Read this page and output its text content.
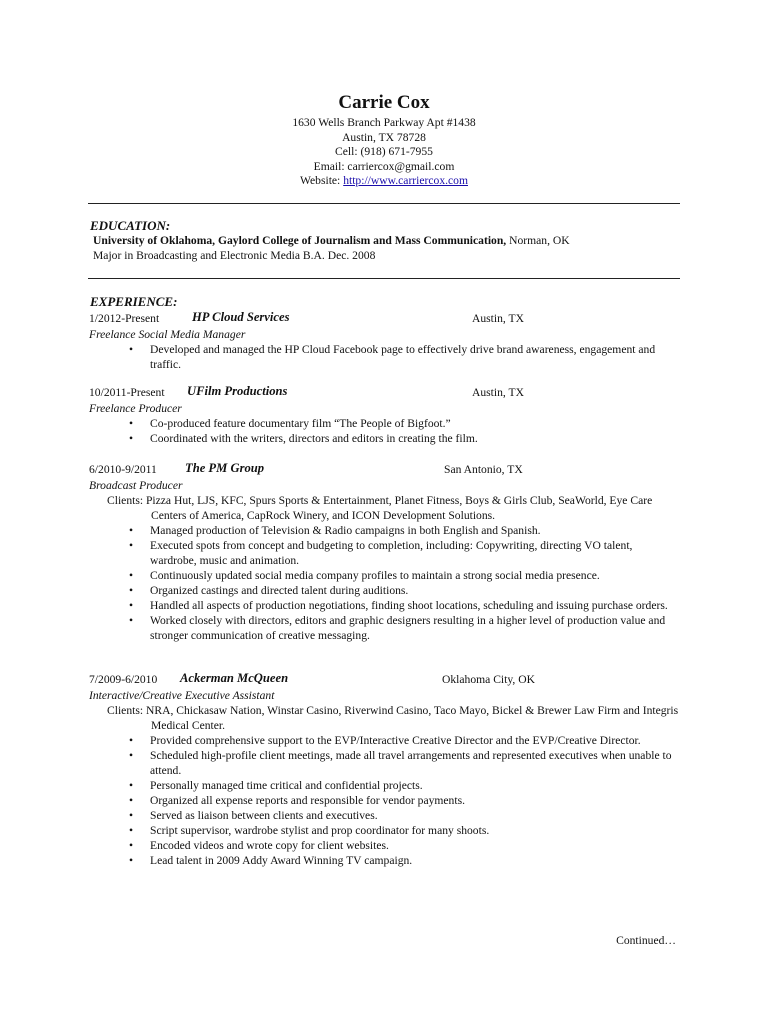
Carrie Cox
1630 Wells Branch Parkway Apt #1438
Austin, TX 78728
Cell: (918) 671-7955
Email: carriercox@gmail.com
Website: http://www.carriercox.com
EDUCATION:
University of Oklahoma, Gaylord College of Journalism and Mass Communication, Norman, OK
Major in Broadcasting and Electronic Media B.A. Dec. 2008
EXPERIENCE:
1/2012-Present	HP Cloud Services	Austin, TX
Freelance Social Media Manager
• Developed and managed the HP Cloud Facebook page to effectively drive brand awareness, engagement and traffic.
10/2011-Present UFilm Productions	Austin, TX
Freelance Producer
• Co-produced feature documentary film “The People of Bigfoot.”
• Coordinated with the writers, directors and editors in creating the film.
6/2010-9/2011 The PM Group	San Antonio, TX
Broadcast Producer
Clients: Pizza Hut, LJS, KFC, Spurs Sports & Entertainment, Planet Fitness, Boys & Girls Club, SeaWorld, Eye Care Centers of America, CapRock Winery, and ICON Development Solutions.
• Managed production of Television & Radio campaigns in both English and Spanish.
• Executed spots from concept and budgeting to completion, including: Copywriting, directing VO talent, wardrobe, music and animation.
• Continuously updated social media company profiles to maintain a strong social media presence.
• Organized castings and directed talent during auditions.
• Handled all aspects of production negotiations, finding shoot locations, scheduling and issuing purchase orders.
• Worked closely with directors, editors and graphic designers resulting in a higher level of production value and stronger communication of creative messaging.
7/2009-6/2010 Ackerman McQueen	Oklahoma City, OK
Interactive/Creative Executive Assistant
Clients: NRA, Chickasaw Nation, Winstar Casino, Riverwind Casino, Taco Mayo, Bickel & Brewer Law Firm and Integris Medical Center.
• Provided comprehensive support to the EVP/Interactive Creative Director and the EVP/Creative Director.
• Scheduled high-profile client meetings, made all travel arrangements and represented executives when unable to attend.
• Personally managed time critical and confidential projects.
• Organized all expense reports and responsible for vendor payments.
• Served as liaison between clients and executives.
• Script supervisor, wardrobe stylist and prop coordinator for many shoots.
• Encoded videos and wrote copy for client websites.
• Lead talent in 2009 Addy Award Winning TV campaign.
Continued…
